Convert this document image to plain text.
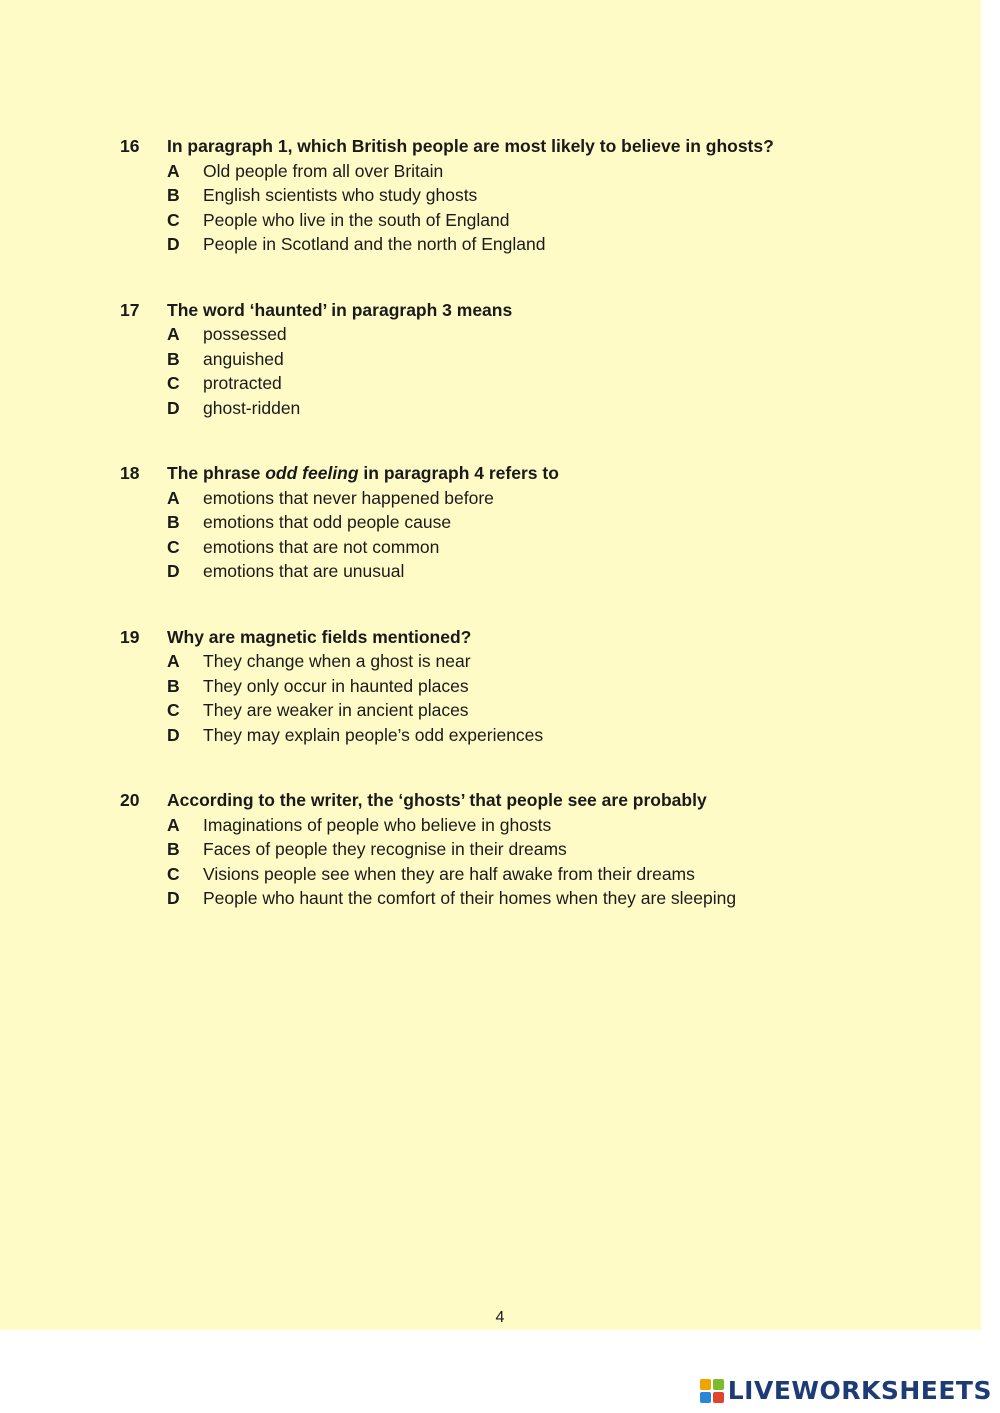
16	In paragraph 1, which British people are most likely to believe in ghosts?
A	Old people from all over Britain
B	English scientists who study ghosts
C	People who live in the south of England
D	People in Scotland and the north of England
17	The word ‘haunted’ in paragraph 3 means
A	possessed
B	anguished
C	protracted
D	ghost-ridden
18	The phrase odd feeling in paragraph 4 refers to
A	emotions that never happened before
B	emotions that odd people cause
C	emotions that are not common
D	emotions that are unusual
19	Why are magnetic fields mentioned?
A	They change when a ghost is near
B	They only occur in haunted places
C	They are weaker in ancient places
D	They may explain people’s odd experiences
20	According to the writer, the ‘ghosts’ that people see are probably
A	Imaginations of people who believe in ghosts
B	Faces of people they recognise in their dreams
C	Visions people see when they are half awake from their dreams
D	People who haunt the comfort of their homes when they are sleeping
4
LIVEWORKSHEETS
